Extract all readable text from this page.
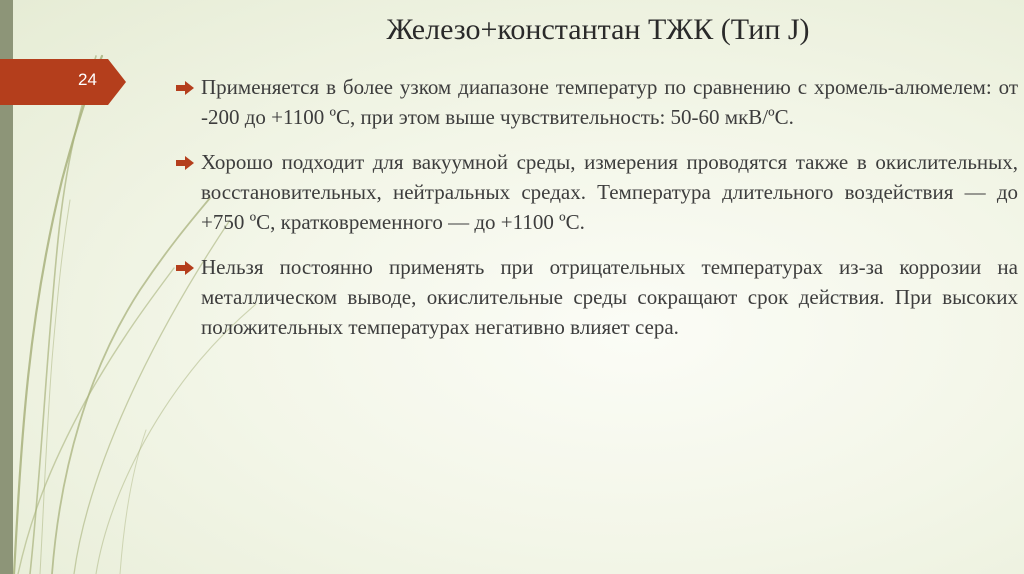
24
Железо+константан ТЖК (Тип J)
Применяется в более узком диапазоне температур по сравнению с хромель-алюмелем: от -200 до +1100 ºС, при этом выше чувствительность: 50-60 мкВ/ºС.
Хорошо подходит для вакуумной среды, измерения проводятся также в окислительных, восстановительных, нейтральных средах. Температура длительного воздействия — до +750 ºС, кратковременного — до +1100 ºС.
Нельзя постоянно применять при отрицательных температурах из-за коррозии на металлическом выводе, окислительные среды сокращают срок действия. При высоких положительных температурах негативно влияет сера.
